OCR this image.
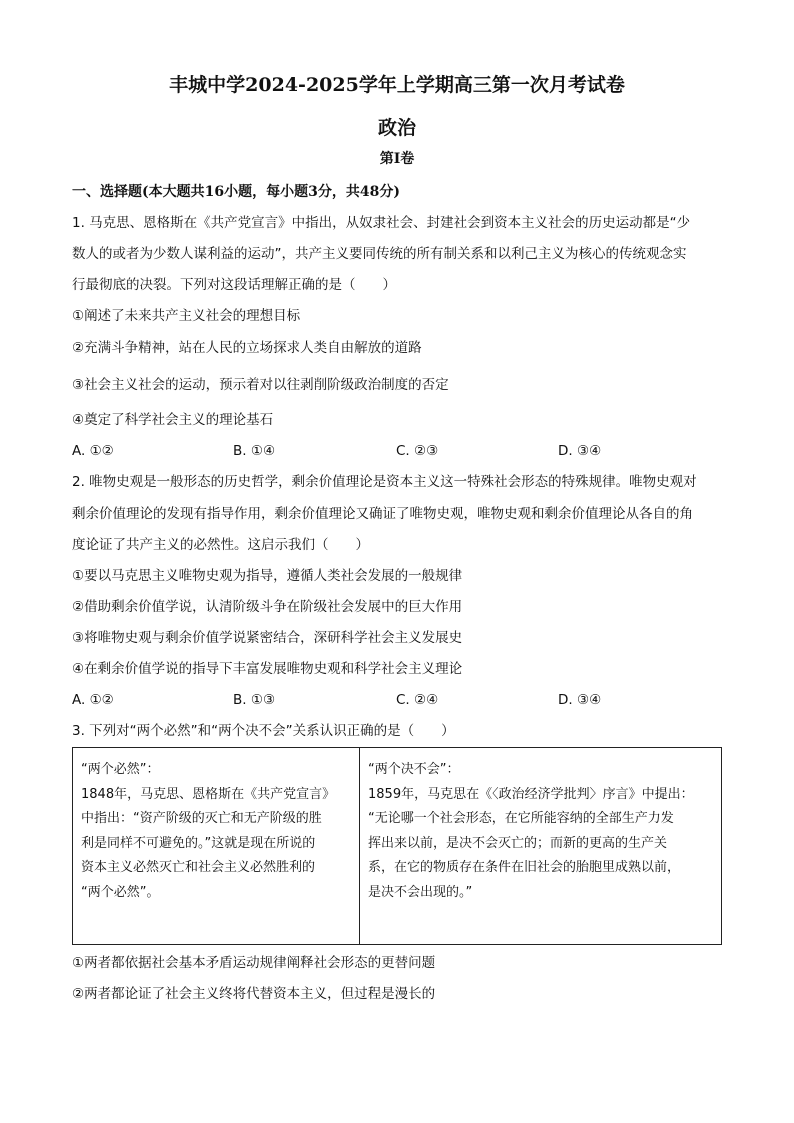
丰城中学2024-2025学年上学期高三第一次月考试卷
政治
第Ⅰ卷
一、选择题(本大题共16小题，每小题3分，共48分)
1. 马克思、恩格斯在《共产党宣言》中指出，从奴隶社会、封建社会到资本主义社会的历史运动都是“少
数人的或者为少数人谋利益的运动”，共产主义要同传统的所有制关系和以利己主义为核心的传统观念实
行最彻底的决裂。下列对这段话理解正确的是（　　）
①阐述了未来共产主义社会的理想目标
②充满斗争精神，站在人民的立场探求人类自由解放的道路
③社会主义社会的运动，预示着对以往剥削阶级政治制度的否定
④奠定了科学社会主义的理论基石
A. ①②	B. ①④	C. ②③	D. ③④
2. 唯物史观是一般形态的历史哲学，剩余价值理论是资本主义这一特殊社会形态的特殊规律。唯物史观对
剩余价值理论的发现有指导作用，剩余价值理论又确证了唯物史观，唯物史观和剩余价值理论从各自的角
度论证了共产主义的必然性。这启示我们（　　）
①要以马克思主义唯物史观为指导，遵循人类社会发展的一般规律
②借助剩余价值学说，认清阶级斗争在阶级社会发展中的巨大作用
③将唯物史观与剩余价值学说紧密结合，深研科学社会主义发展史
④在剩余价值学说的指导下丰富发展唯物史观和科学社会主义理论
A. ①②	B. ①③	C. ②④	D. ③④
3. 下列对“两个必然”和“两个决不会”关系认识正确的是（　　）
“两个必然”：
1848年，马克思、恩格斯在《共产党宣言》
中指出：“资产阶级的灭亡和无产阶级的胜
利是同样不可避免的。”这就是现在所说的
资本主义必然灭亡和社会主义必然胜利的
“两个必然”。

“两个决不会”：
1859年，马克思在《〈政治经济学批判〉序言》中提出：
“无论哪一个社会形态，在它所能容纳的全部生产力发
挥出来以前，是决不会灭亡的；而新的更高的生产关
系，在它的物质存在条件在旧社会的胎胞里成熟以前，
是决不会出现的。”
①两者都依据社会基本矛盾运动规律阐释社会形态的更替问题
②两者都论证了社会主义终将代替资本主义，但过程是漫长的
